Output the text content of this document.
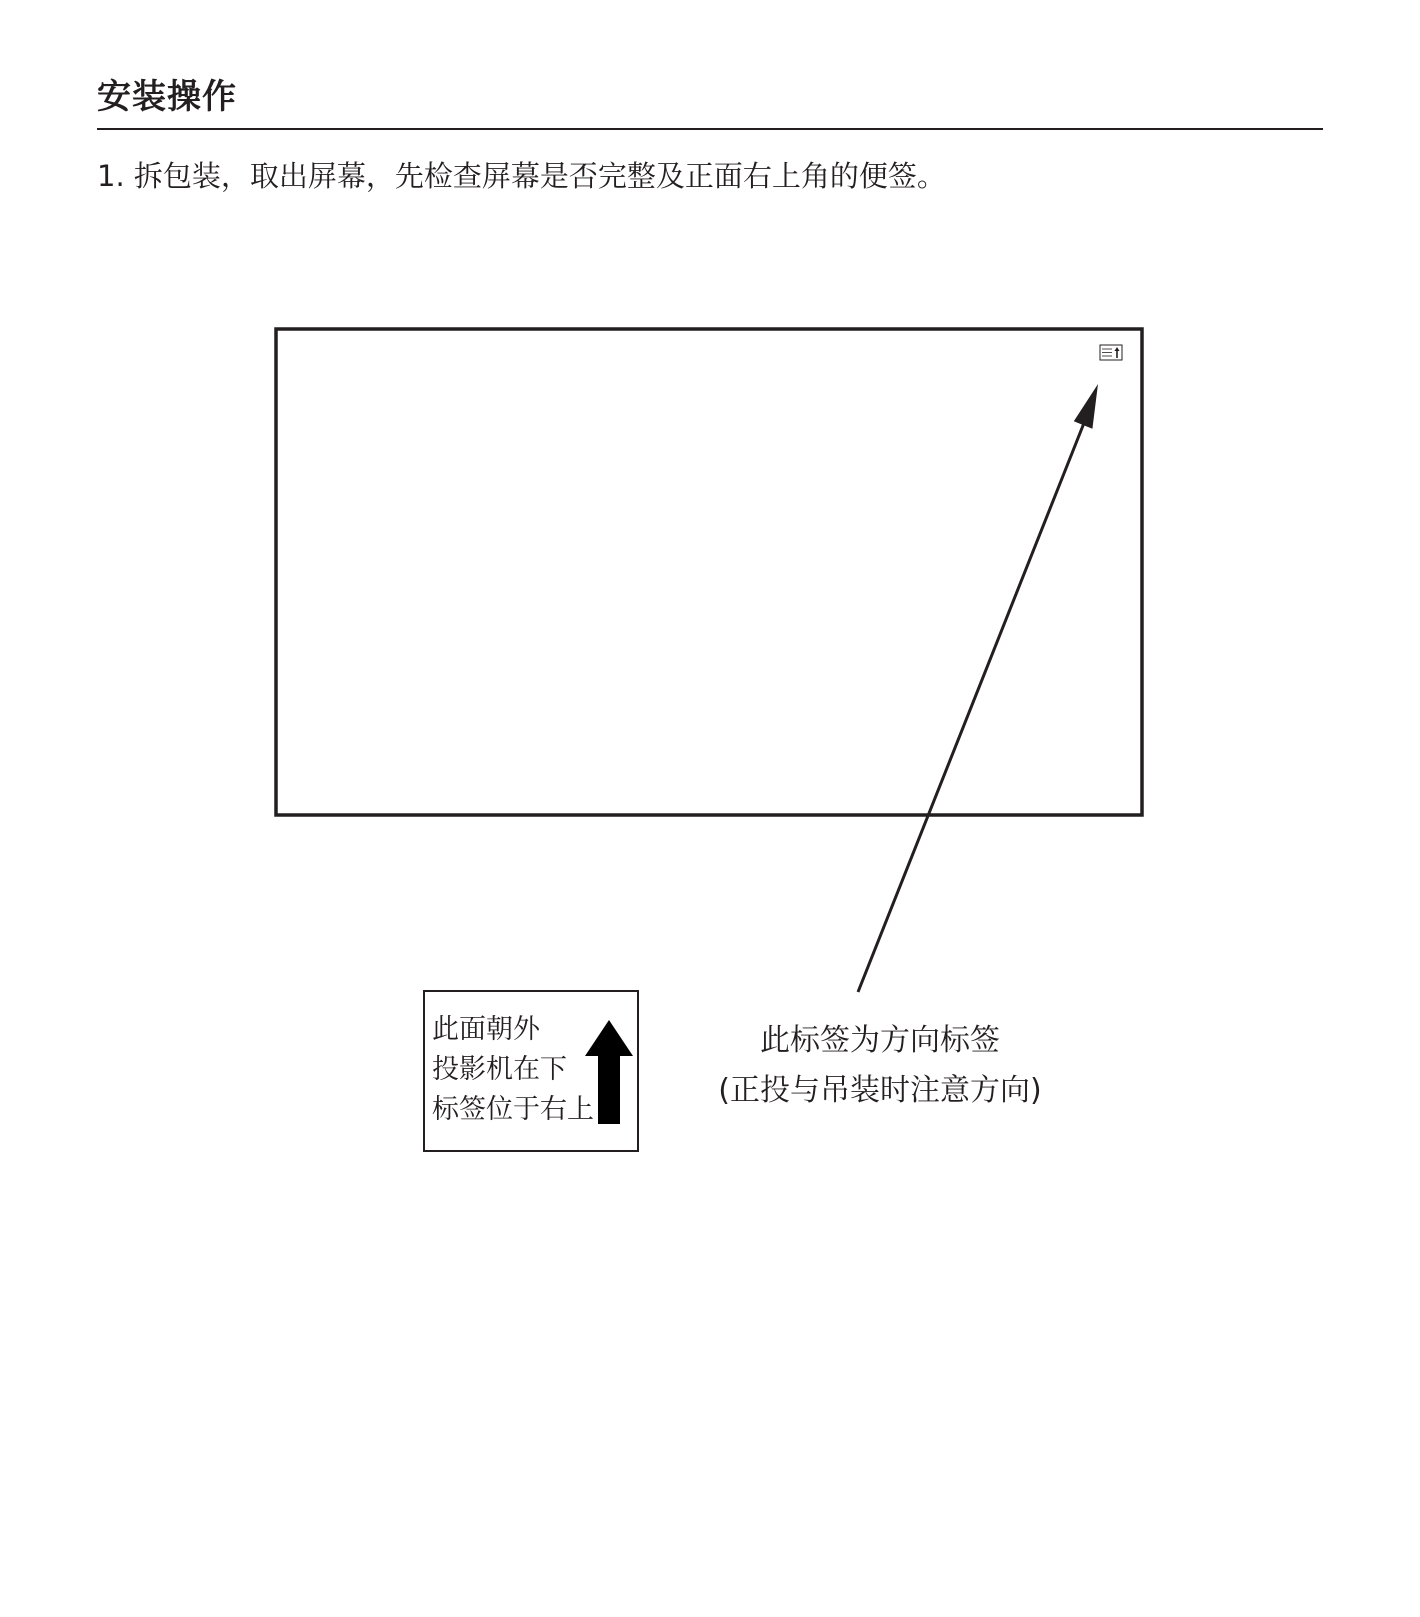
安装操作
1. 拆包装，取出屏幕，先检查屏幕是否完整及正面右上角的便签。
此面朝外
投影机在下
标签位于右上
此标签为方向标签
(正投与吊装时注意方向)
